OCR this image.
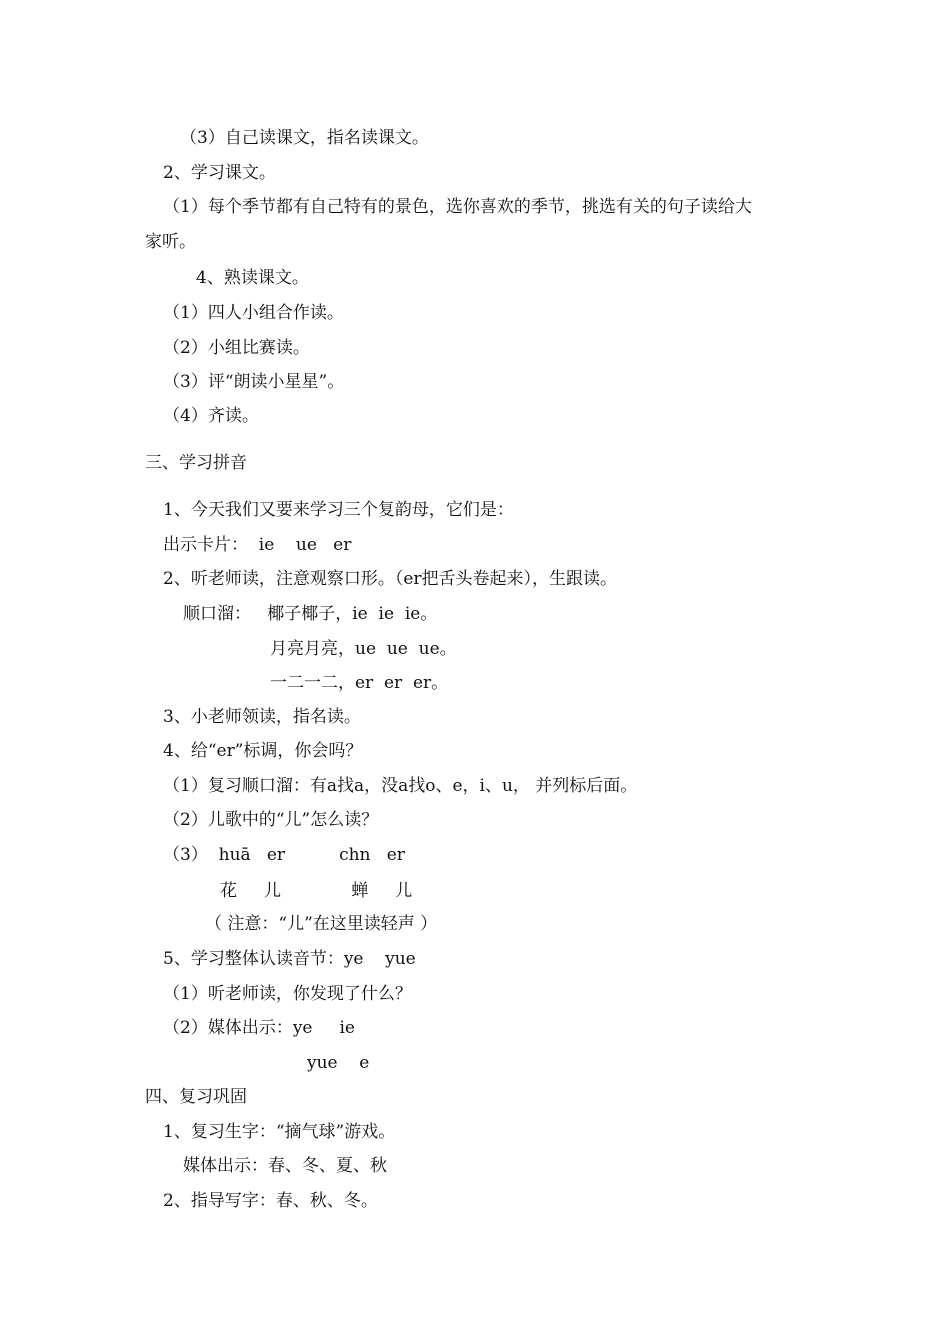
（3）自己读课文，指名读课文。
2、学习课文。
（1）每个季节都有自己特有的景色，选你喜欢的季节，挑选有关的句子读给大
家听。
4、熟读课文。
（1）四人小组合作读。
（2）小组比赛读。
（3）评“朗读小星星”。
（4）齐读。
三、学习拼音
1、今天我们又要来学习三个复韵母，它们是：
出示卡片：  ie    ue   er
2、听老师读，注意观察口形。（er把舌头卷起来），生跟读。
顺口溜：   椰子椰子，ie  ie  ie。
月亮月亮，ue  ue  ue。
一二一二，er  er  er。
3、小老师领读，指名读。
4、给“er”标调，你会吗？
（1）复习顺口溜：有a找a，没a找o、e，i、u， 并列标后面。
（2）儿歌中的“儿”怎么读？
（3）  huā   er          chn   er
花     儿             蝉     儿
（ 注意：“儿”在这里读轻声 ）
5、学习整体认读音节：ye    yue
（1）听老师读，你发现了什么？
（2）媒体出示：ye     ie
yue    e
四、复习巩固
1、复习生字：“摘气球”游戏。
媒体出示：春、冬、夏、秋
2、指导写字：春、秋、冬。
